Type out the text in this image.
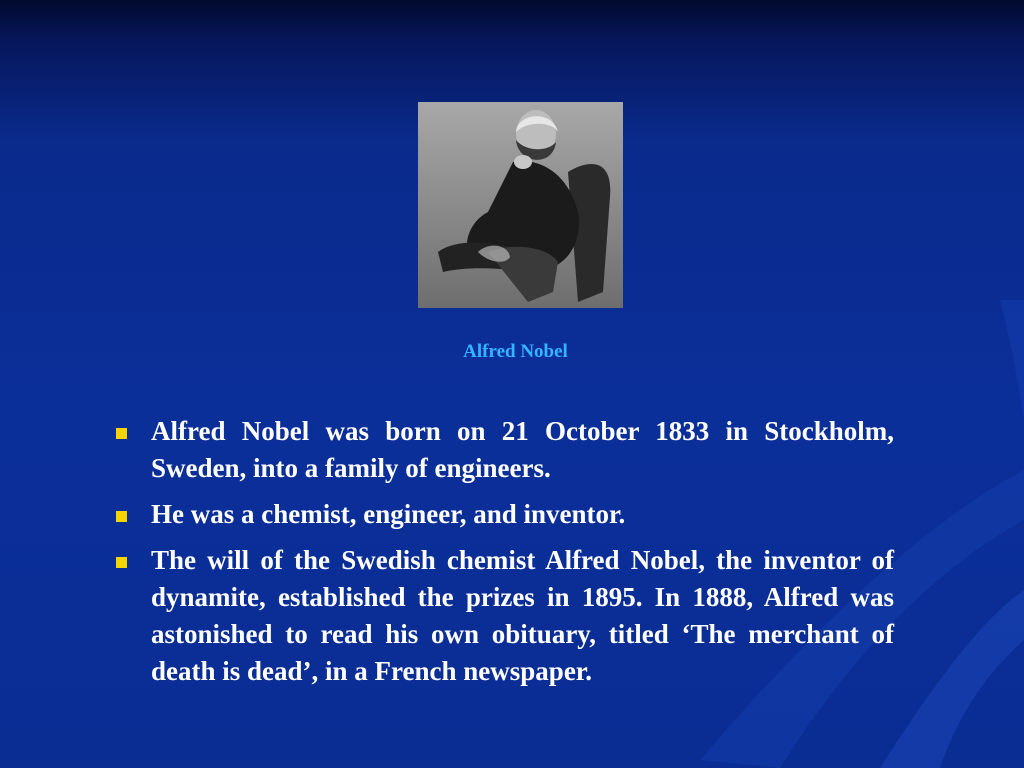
Alfred Nobel
Alfred Nobel was born on 21 October 1833 in Stockholm, Sweden, into a family of engineers.
He was a chemist, engineer, and inventor.
The will of the Swedish chemist Alfred Nobel, the inventor of dynamite, established the prizes in 1895. In 1888, Alfred was astonished to read his own obituary, titled ‘The merchant of death is dead’, in a French newspaper.
